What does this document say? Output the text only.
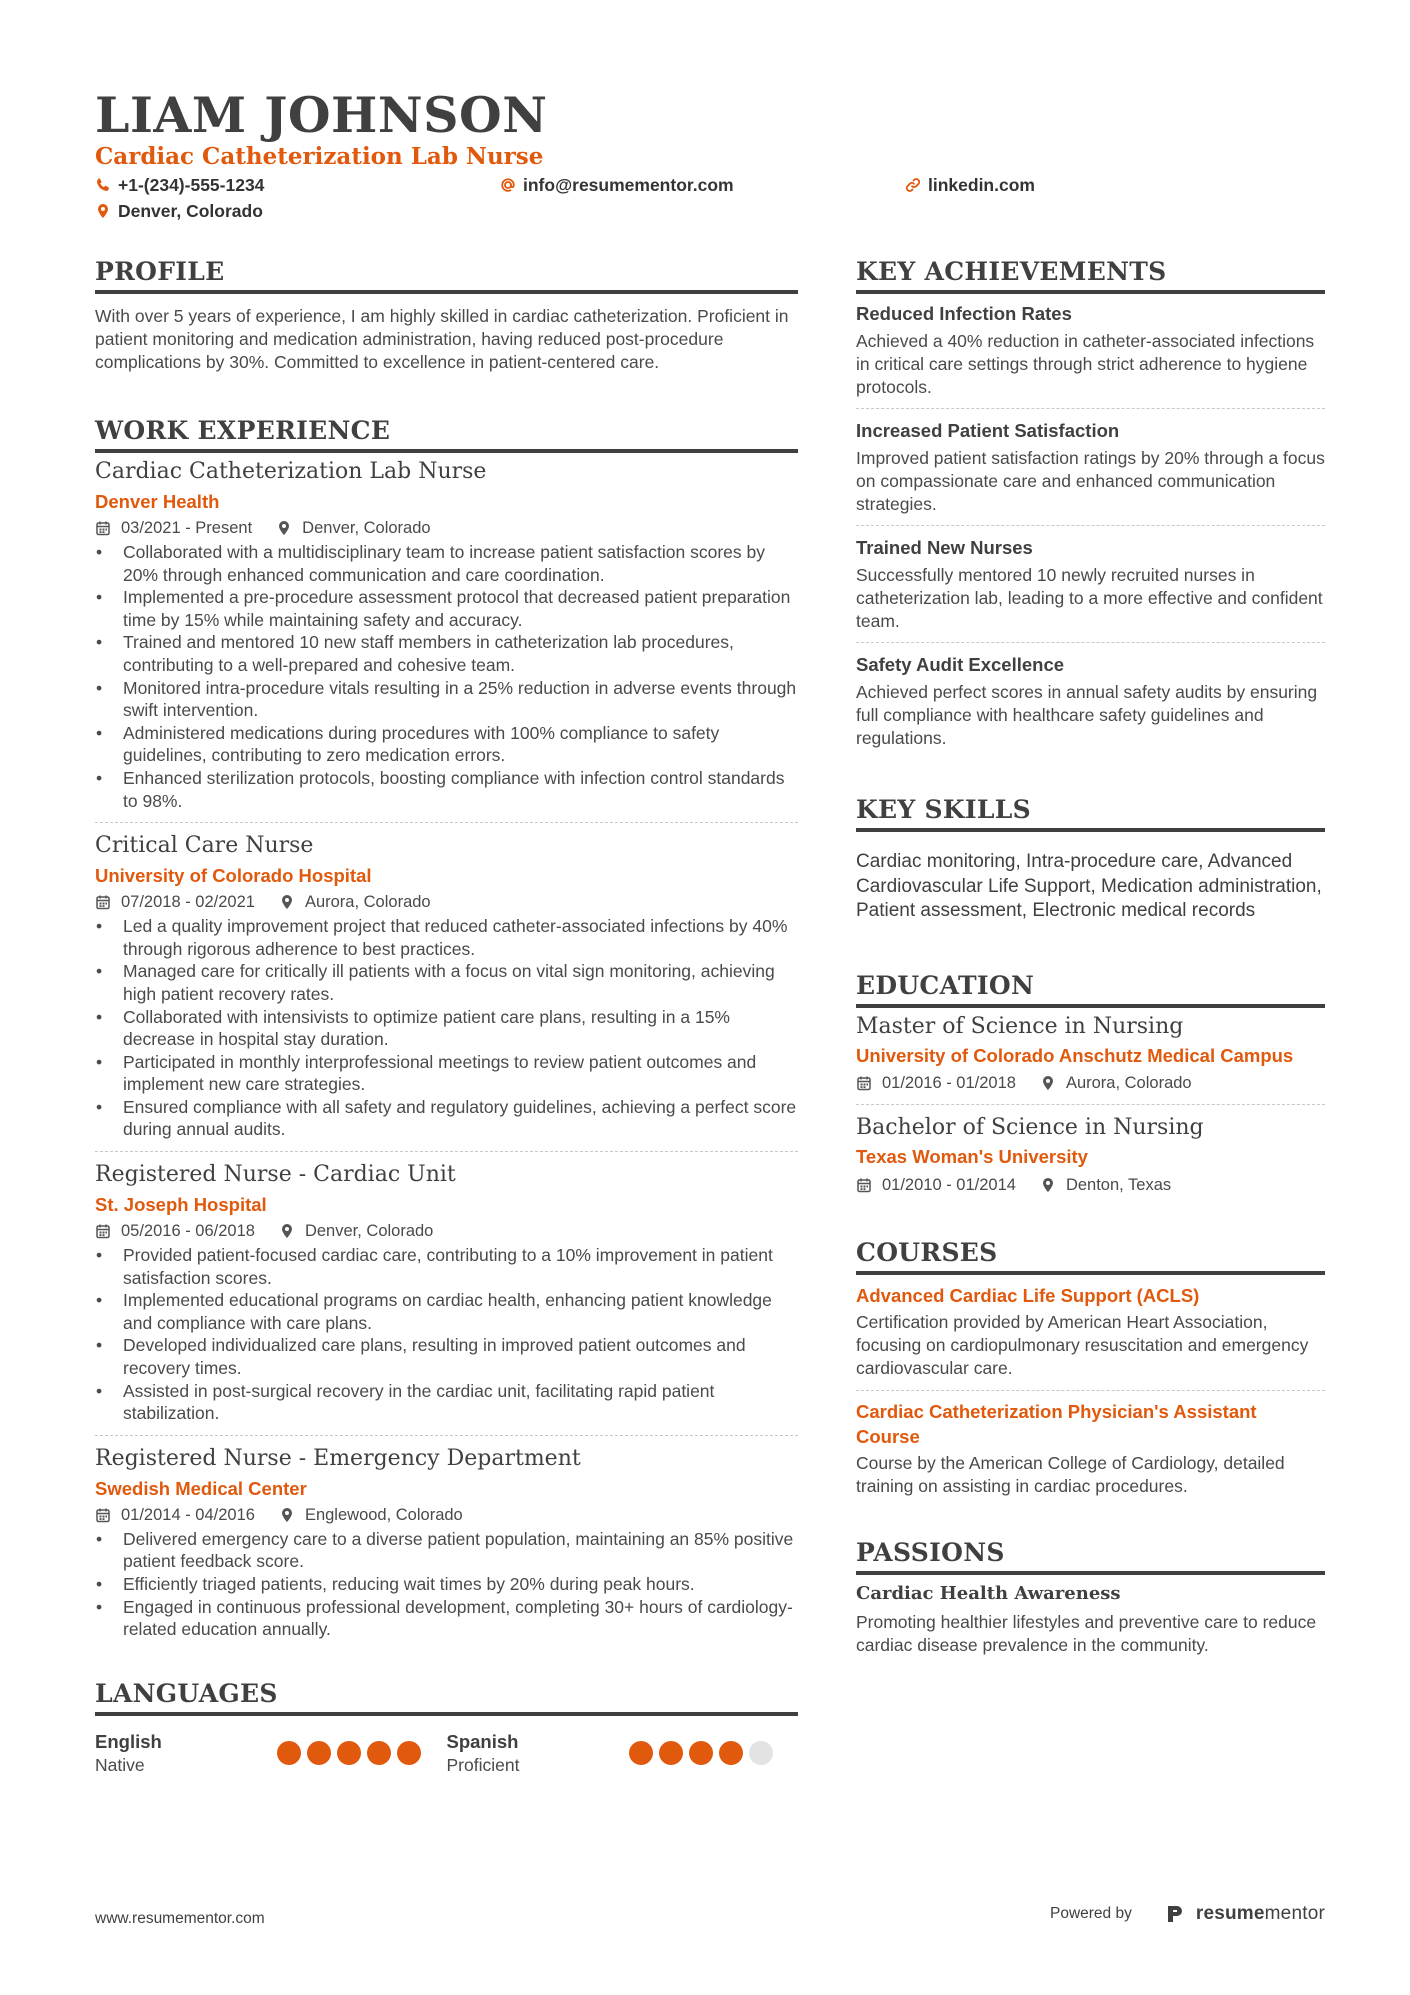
LIAM JOHNSON
Cardiac Catheterization Lab Nurse
+1-(234)-555-1234	info@resumementor.com	linkedin.com
Denver, Colorado
PROFILE

With over 5 years of experience, I am highly skilled in cardiac catheterization. Proficient in patient monitoring and medication administration, having reduced post-procedure complications by 30%. Committed to excellence in patient-centered care.

WORK EXPERIENCE
Cardiac Catheterization Lab Nurse
Denver Health
03/2021 - Present	Denver, Colorado
• Collaborated with a multidisciplinary team to increase patient satisfaction scores by 20% through enhanced communication and care coordination.
• Implemented a pre-procedure assessment protocol that decreased patient preparation time by 15% while maintaining safety and accuracy.
• Trained and mentored 10 new staff members in catheterization lab procedures, contributing to a well-prepared and cohesive team.
• Monitored intra-procedure vitals resulting in a 25% reduction in adverse events through swift intervention.
• Administered medications during procedures with 100% compliance to safety guidelines, contributing to zero medication errors.
• Enhanced sterilization protocols, boosting compliance with infection control standards to 98%.
Critical Care Nurse
University of Colorado Hospital
07/2018 - 02/2021	Aurora, Colorado
• Led a quality improvement project that reduced catheter-associated infections by 40% through rigorous adherence to best practices.
• Managed care for critically ill patients with a focus on vital sign monitoring, achieving high patient recovery rates.
• Collaborated with intensivists to optimize patient care plans, resulting in a 15% decrease in hospital stay duration.
• Participated in monthly interprofessional meetings to review patient outcomes and implement new care strategies.
• Ensured compliance with all safety and regulatory guidelines, achieving a perfect score during annual audits.
Registered Nurse - Cardiac Unit
St. Joseph Hospital
05/2016 - 06/2018	Denver, Colorado
• Provided patient-focused cardiac care, contributing to a 10% improvement in patient satisfaction scores.
• Implemented educational programs on cardiac health, enhancing patient knowledge and compliance with care plans.
• Developed individualized care plans, resulting in improved patient outcomes and recovery times.
• Assisted in post-surgical recovery in the cardiac unit, facilitating rapid patient stabilization.
Registered Nurse - Emergency Department
Swedish Medical Center
01/2014 - 04/2016	Englewood, Colorado
• Delivered emergency care to a diverse patient population, maintaining an 85% positive patient feedback score.
• Efficiently triaged patients, reducing wait times by 20% during peak hours.
• Engaged in continuous professional development, completing 30+ hours of cardiology-related education annually.
LANGUAGES
English
Native
Spanish
Proficient
KEY ACHIEVEMENTS
Reduced Infection Rates

Achieved a 40% reduction in catheter-associated infections in critical care settings through strict adherence to hygiene protocols.

Increased Patient Satisfaction

Improved patient satisfaction ratings by 20% through a focus on compassionate care and enhanced communication strategies.

Trained New Nurses

Successfully mentored 10 newly recruited nurses in catheterization lab, leading to a more effective and confident team.

Safety Audit Excellence

Achieved perfect scores in annual safety audits by ensuring full compliance with healthcare safety guidelines and regulations.

KEY SKILLS

Cardiac monitoring, Intra-procedure care, Advanced Cardiovascular Life Support, Medication administration, Patient assessment, Electronic medical records

EDUCATION
Master of Science in Nursing
University of Colorado Anschutz Medical Campus
01/2016 - 01/2018	Aurora, Colorado
Bachelor of Science in Nursing
Texas Woman's University
01/2010 - 01/2014	Denton, Texas
COURSES
Advanced Cardiac Life Support (ACLS)

Certification provided by American Heart Association, focusing on cardiopulmonary resuscitation and emergency cardiovascular care.

Cardiac Catheterization Physician's Assistant Course

Course by the American College of Cardiology, detailed training on assisting in cardiac procedures.

PASSIONS
Cardiac Health Awareness

Promoting healthier lifestyles and preventive care to reduce cardiac disease prevalence in the community.

www.resumementor.com	Powered by	resumementor
